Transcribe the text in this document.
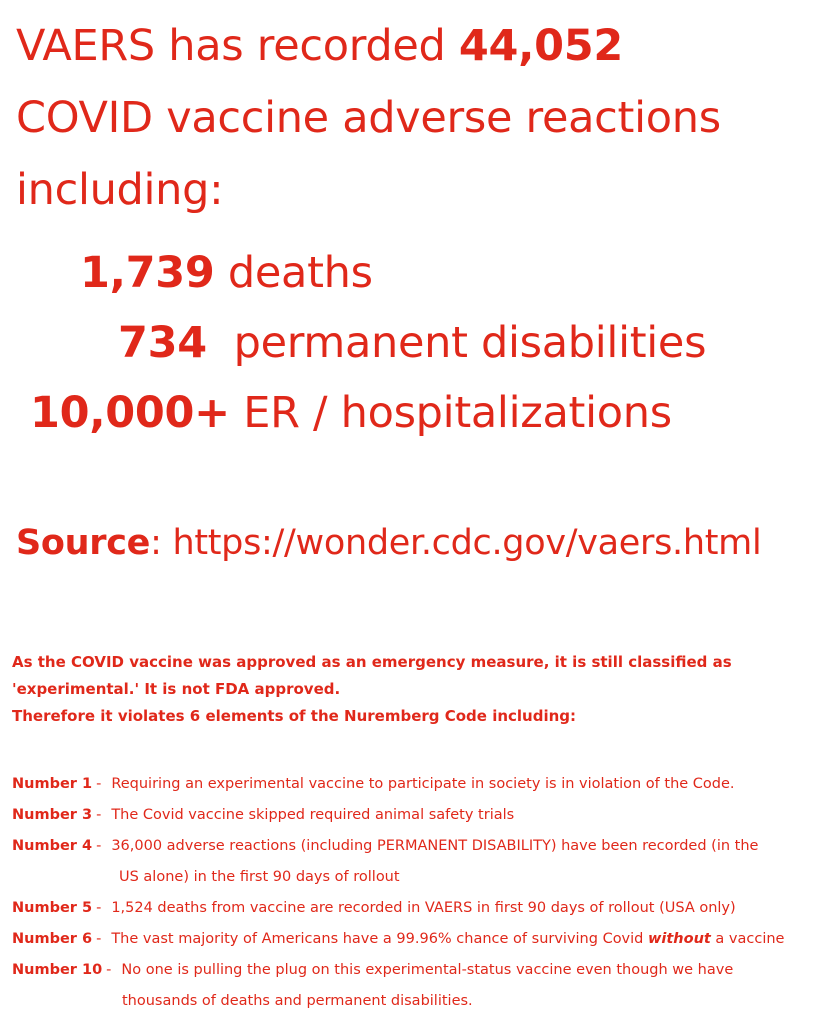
VAERS has recorded 44,052
COVID vaccine adverse reactions
including:
1,739 deaths
734  permanent disabilities
10,000+ ER / hospitalizations
Source: https://wonder.cdc.gov/vaers.html
As the COVID vaccine was approved as an emergency measure, it is still classified as
'experimental.' It is not FDA approved.
Therefore it violates 6 elements of the Nuremberg Code including:
Number 1 - Requiring an experimental vaccine to participate in society is in violation of the Code.
Number 3 - The Covid vaccine skipped required animal safety trials
Number 4 - 36,000 adverse reactions (including PERMANENT DISABILITY) have been recorded (in the
US alone) in the first 90 days of rollout
Number 5 - 1,524 deaths from vaccine are recorded in VAERS in first 90 days of rollout (USA only)
Number 6 - The vast majority of Americans have a 99.96% chance of surviving Covid without a vaccine
Number 10 - No one is pulling the plug on this experimental-status vaccine even though we have
thousands of deaths and permanent disabilities.
